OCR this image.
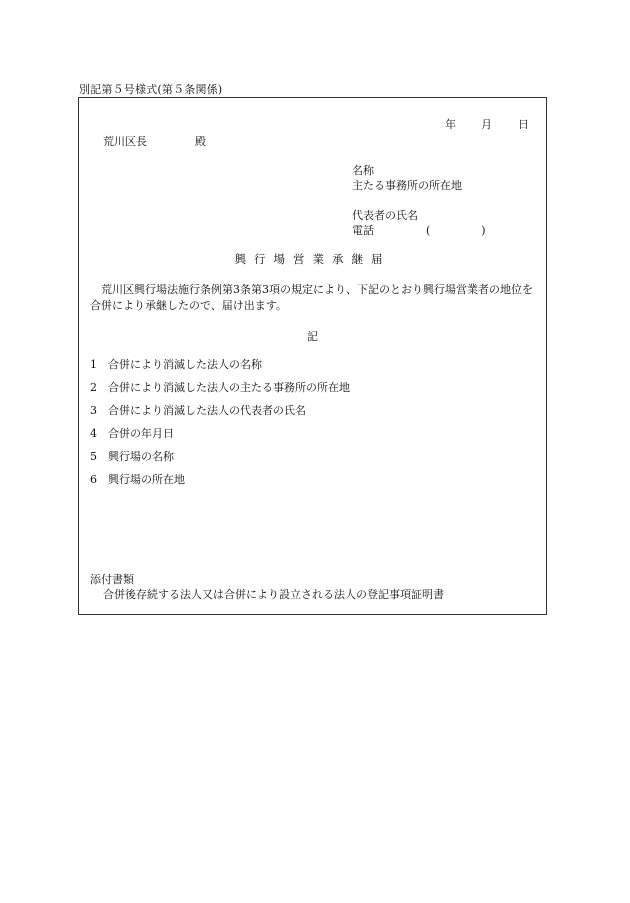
別記第５号様式(第５条関係)
年 月 日
荒川区長	殿
名称
主たる事務所の所在地
代表者の氏名
電話	(　)
興行場営業承継届
荒川区興行場法施行条例第3条第3項の規定により、下記のとおり興行場営業者の地位を合併により承継したので、届け出ます。
記
1 合併により消滅した法人の名称
2 合併により消滅した法人の主たる事務所の所在地
3 合併により消滅した法人の代表者の氏名
4 合併の年月日
5 興行場の名称
6 興行場の所在地
添付書類
合併後存続する法人又は合併により設立される法人の登記事項証明書
